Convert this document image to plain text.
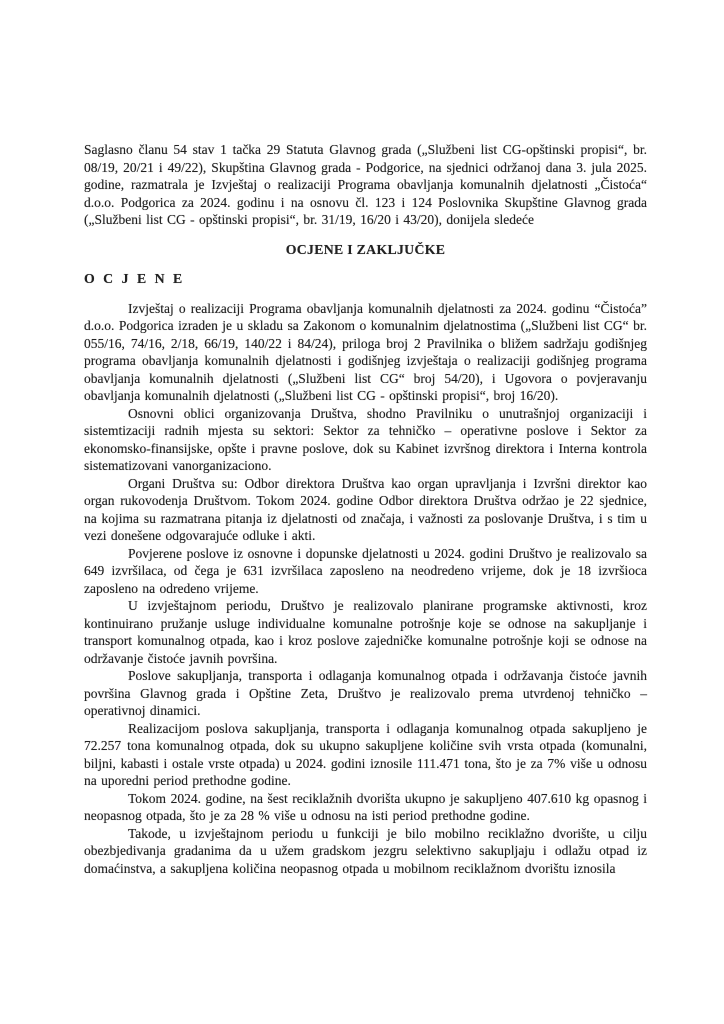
Saglasno članu 54 stav 1 tačka 29 Statuta Glavnog grada („Službeni list CG-opštinski propisi“, br. 08/19, 20/21 i 49/22), Skupština Glavnog grada - Podgorice, na sjednici održanoj dana 3. jula 2025. godine, razmatrala je Izvještaj o realizaciji Programa obavljanja komunalnih djelatnosti „Čistoća“ d.o.o. Podgorica za 2024. godinu i na osnovu čl. 123 i 124 Poslovnika Skupštine Glavnog grada („Službeni list CG - opštinski propisi“, br. 31/19, 16/20 i 43/20), donijela sledeće

OCJENE I ZAKLJUČKE
O C J E N E

Izvještaj o realizaciji Programa obavljanja komunalnih djelatnosti za 2024. godinu “Čistoća” d.o.o. Podgorica izraden je u skladu sa Zakonom o komunalnim djelatnostima („Službeni list CG“ br. 055/16, 74/16, 2/18, 66/19, 140/22 i 84/24), priloga broj 2 Pravilnika o bližem sadržaju godišnjeg programa obavljanja komunalnih djelatnosti i godišnjeg izvještaja o realizaciji godišnjeg programa obavljanja komunalnih djelatnosti („Službeni list CG“ broj 54/20), i Ugovora o povjeravanju obavljanja komunalnih djelatnosti („Službeni list CG - opštinski propisi“, broj 16/20).

Osnovni oblici organizovanja Društva, shodno Pravilniku o unutrašnjoj organizaciji i sistemtizaciji radnih mjesta su sektori: Sektor za tehničko – operativne poslove i Sektor za ekonomsko-finansijske, opšte i pravne poslove, dok su Kabinet izvršnog direktora i Interna kontrola sistematizovani vanorganizaciono.

Organi Društva su: Odbor direktora Društva kao organ upravljanja i Izvršni direktor kao organ rukovodenja Društvom. Tokom 2024. godine Odbor direktora Društva održao je 22 sjednice, na kojima su razmatrana pitanja iz djelatnosti od značaja, i važnosti za poslovanje Društva, i s tim u vezi donešene odgovarajuće odluke i akti.

Povjerene poslove iz osnovne i dopunske djelatnosti u 2024. godini Društvo je realizovalo sa 649 izvršilaca, od čega je 631 izvršilaca zaposleno na neodredeno vrijeme, dok je 18 izvršioca zaposleno na odredeno vrijeme.

U izvještajnom periodu, Društvo je realizovalo planirane programske aktivnosti, kroz kontinuirano pružanje usluge individualne komunalne potrošnje koje se odnose na sakupljanje i transport komunalnog otpada, kao i kroz poslove zajedničke komunalne potrošnje koji se odnose na održavanje čistoće javnih površina.

Poslove sakupljanja, transporta i odlaganja komunalnog otpada i održavanja čistoće javnih površina Glavnog grada i Opštine Zeta, Društvo je realizovalo prema utvrdenoj tehničko – operativnoj dinamici.

Realizacijom poslova sakupljanja, transporta i odlaganja komunalnog otpada sakupljeno je 72.257 tona komunalnog otpada, dok su ukupno sakupljene količine svih vrsta otpada (komunalni, biljni, kabasti i ostale vrste otpada) u 2024. godini iznosile 111.471 tona, što je za 7% više u odnosu na uporedni period prethodne godine.

Tokom 2024. godine, na šest reciklažnih dvorišta ukupno je sakupljeno 407.610 kg opasnog i neopasnog otpada, što je za 28 % više u odnosu na isti period prethodne godine.

Takode, u izvještajnom periodu u funkciji je bilo mobilno reciklažno dvorište, u cilju obezbjedivanja gradanima da u užem gradskom jezgru selektivno sakupljaju i odlažu otpad iz domaćinstva, a sakupljena količina neopasnog otpada u mobilnom reciklažnom dvorištu iznosila
